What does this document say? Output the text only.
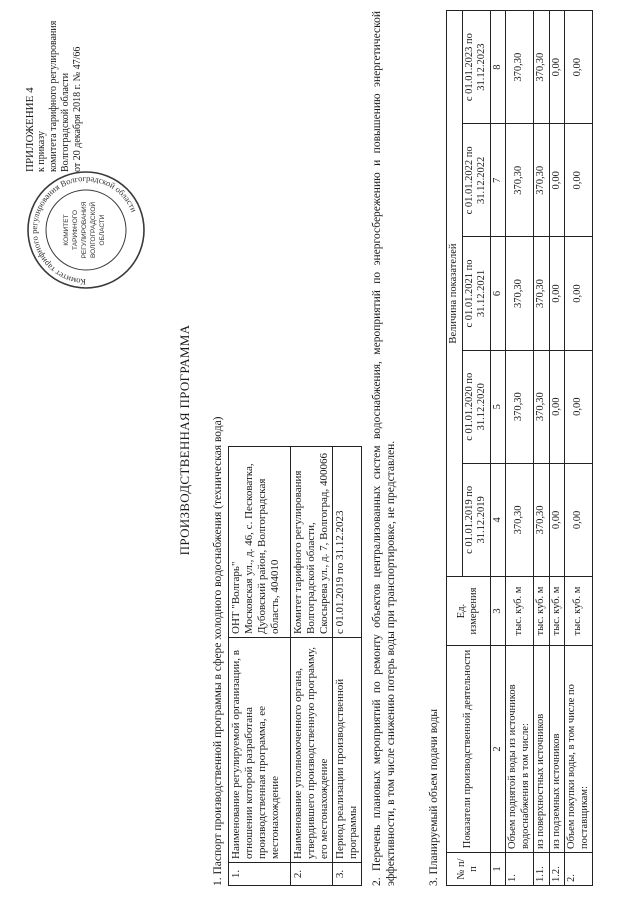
ПРИЛОЖЕНИЕ 4 к приказу комитета тарифного регулирования Волгоградской области от 20 декабря 2018 г. № 47/66
Комитет тарифного регулирования Волгоградской области
КОМИТЕТ ТАРИФНОГО РЕГУЛИРОВАНИЯ ВОЛГОГРАДСКОЙ ОБЛАСТИ
ПРОИЗВОДСТВЕННАЯ ПРОГРАММА 1. Паспорт производственной программы в сфере холодного водоснабжения (техническая вода) 1.	Наименование регулируемой организации, в отношении которой разработана производственная программа, ее местонахождение	ОНТ "Волгарь" Московская ул., д. 46, с. Песковатка, Дубовский район, Волгоградская область, 404010

2.	Наименование уполномоченного органа, утвердившего производственную программу, его местонахождение	Комитет тарифного регулирования Волгоградской области, Скосырева ул., д. 7, Волгоград, 400066

3.	Период реализации производственной программы	с 01.01.2019 по 31.12.2023 2. Перечень плановых мероприятий по ремонту объектов централизованных систем водоснабжения, мероприятий по энергосбережению и повышению энергетической эффективности, в том числе снижению потерь воды при транспортировке, не представлен.	3. Планируемый объем подачи воды № п/п	Показатели производственной деятельности	Ед. измерения	Величина показателей				
			с 01.01.2019 по 31.12.2019	с 01.01.2020 по 31.12.2020	с 01.01.2021 по 31.12.2021	с 01.01.2022 по 31.12.2022	с 01.01.2023 по 31.12.2023
1	2	3	4	5	6	7	8
1.	Объем поднятой воды из источников водоснабжения в том числе:	тыс. куб. м	370,30	370,30	370,30	370,30	370,30
1.1.	из поверхностных источников	тыс. куб. м	370,30	370,30	370,30	370,30	370,30
1.2.	из подземных источников	тыс. куб. м	0,00	0,00	0,00	0,00	0,00
2.	Объем покупки воды, в том числе по поставщикам:	тыс. куб. м	0,00	0,00	0,00	0,00	0,00
